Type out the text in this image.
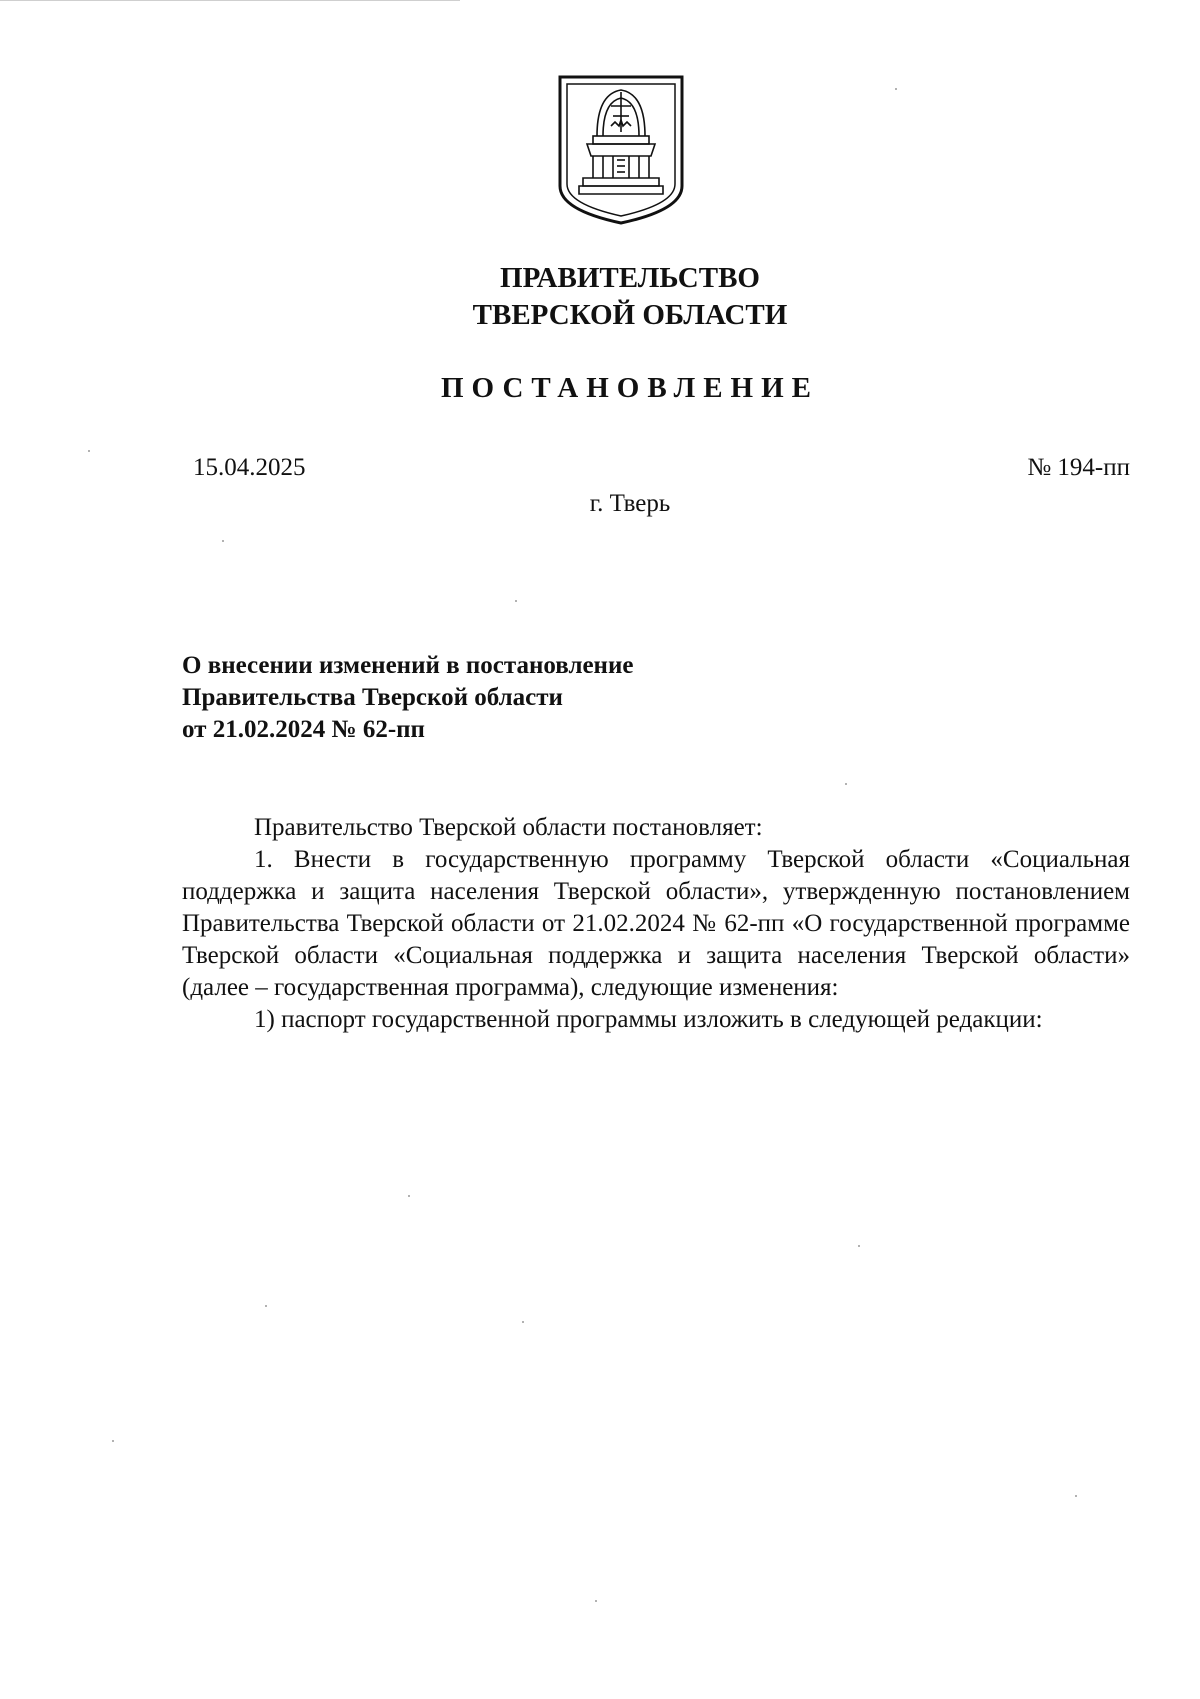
ПРАВИТЕЛЬСТВО
ТВЕРСКОЙ ОБЛАСТИ
ПОСТАНОВЛЕНИЕ
15.04.2025	№ 194-пп
г. Тверь
О внесении изменений в постановление
Правительства Тверской области
от 21.02.2024 № 62-пп

Правительство Тверской области постановляет:

1. Внести в государственную программу Тверской области «Социальная поддержка и защита населения Тверской области», утвержденную постановлением Правительства Тверской области от 21.02.2024 № 62-пп «О государственной программе Тверской области «Социальная поддержка и защита населения Тверской области» (далее – государственная программа), следующие изменения:

1) паспорт государственной программы изложить в следующей редакции:
